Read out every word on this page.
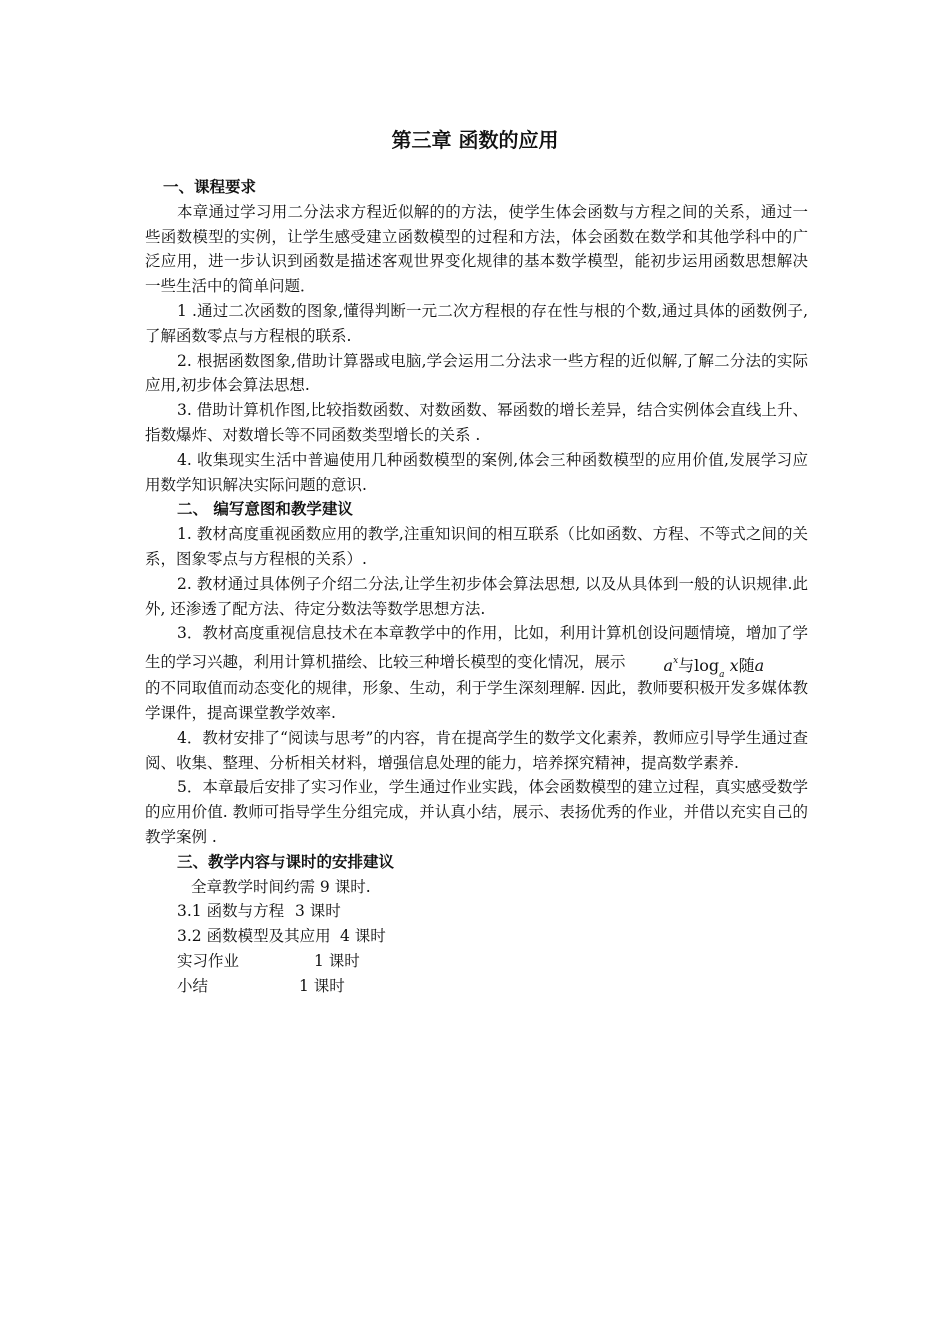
第三章 函数的应用

一、课程要求

本章通过学习用二分法求方程近似解的的方法，使学生体会函数与方程之间的关系，通过一些函数模型的实例，让学生感受建立函数模型的过程和方法，体会函数在数学和其他学科中的广泛应用，进一步认识到函数是描述客观世界变化规律的基本数学模型，能初步运用函数思想解决一些生活中的简单问题．

1 .通过二次函数的图象,懂得判断一元二次方程根的存在性与根的个数,通过具体的函数例子,了解函数零点与方程根的联系.

2. 根据函数图象,借助计算器或电脑,学会运用二分法求一些方程的近似解,了解二分法的实际应用,初步体会算法思想.

3. 借助计算机作图,比较指数函数、对数函数、幂函数的增长差异，结合实例体会直线上升、指数爆炸、对数增长等不同函数类型增长的关系 .

4. 收集现实生活中普遍使用几种函数模型的案例,体会三种函数模型的应用价值,发展学习应用数学知识解决实际问题的意识.

二、 编写意图和教学建议

1. 教材高度重视函数应用的教学,注重知识间的相互联系（比如函数、方程、不等式之间的关系，图象零点与方程根的关系）.

2. 教材通过具体例子介绍二分法,让学生初步体会算法思想, 以及从具体到一般的认识规律.此外, 还渗透了配方法、待定分数法等数学思想方法.

3．教材高度重视信息技术在本章教学中的作用，比如，利用计算机创设问题情境，增加了学生的学习兴趣，利用计算机描绘、比较三种增长模型的变化情况，展示 $a^x$与$\log_a x$随a
的不同取值而动态变化的规律，形象、生动，利于学生深刻理解. 因此，教师要积极开发多媒体教学课件，提高课堂教学效率.

4．教材安排了“阅读与思考”的内容，肯在提高学生的数学文化素养，教师应引导学生通过查阅、收集、整理、分析相关材料，增强信息处理的能力，培养探究精神，提高数学素养.

5．本章最后安排了实习作业，学生通过作业实践，体会函数模型的建立过程，真实感受数学的应用价值. 教师可指导学生分组完成，并认真小结，展示、表扬优秀的作业，并借以充实自己的教学案例 .

三、教学内容与课时的安排建议

全章教学时间约需 9 课时.
3.1 函数与方程 3 课时
3.2 函数模型及其应用 4 课时
实习作业	1 课时
小结	1 课时
